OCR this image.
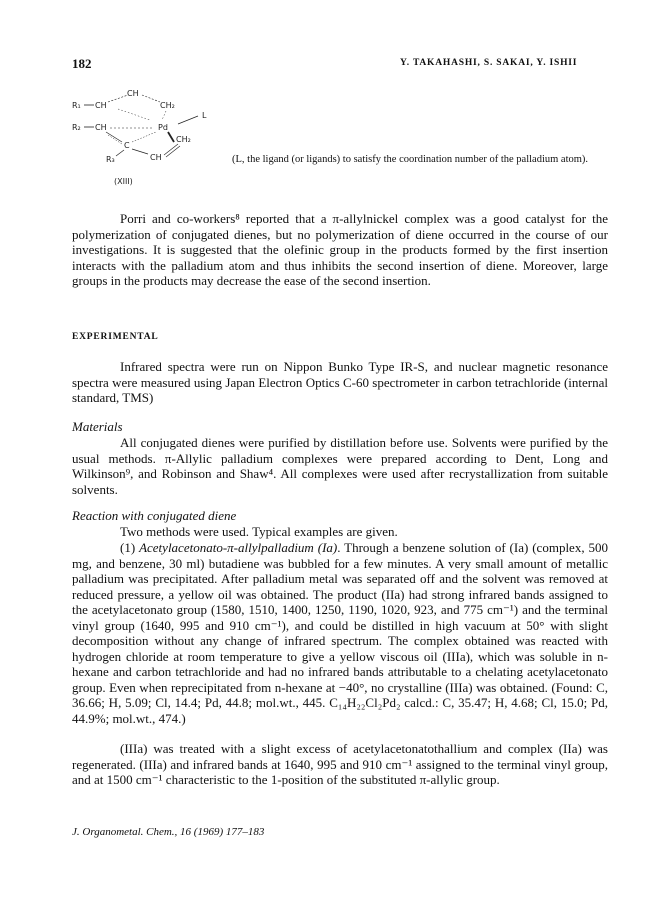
182	Y. TAKAHASHI, S. SAKAI, Y. ISHII
R₁ CH
CH
CH₂
L
R₂ CH	Pd
C
CH₂
R₃	CH
(XIII)
(L, the ligand (or ligands) to satisfy the coordination number of the palladium atom).

Porri and co-workers⁸ reported that a π-allylnickel complex was a good catalyst for the polymerization of conjugated dienes, but no polymerization of diene occurred in the course of our investigations. It is suggested that the olefinic group in the products formed by the first insertion interacts with the palladium atom and thus inhibits the second insertion of diene. Moreover, large groups in the products may decrease the ease of the second insertion.

EXPERIMENTAL

Infrared spectra were run on Nippon Bunko Type IR-S, and nuclear magnetic resonance spectra were measured using Japan Electron Optics C-60 spectrometer in carbon tetrachloride (internal standard, TMS)

Materials

All conjugated dienes were purified by distillation before use. Solvents were purified by the usual methods. π-Allylic palladium complexes were prepared according to Dent, Long and Wilkinson⁹, and Robinson and Shaw⁴. All complexes were used after recrystallization from suitable solvents.

Reaction with conjugated diene

Two methods were used. Typical examples are given.

(1) Acetylacetonato-π-allylpalladium (Ia). Through a benzene solution of (Ia) (complex, 500 mg, and benzene, 30 ml) butadiene was bubbled for a few minutes. A very small amount of metallic palladium was precipitated. After palladium metal was separated off and the solvent was removed at reduced pressure, a yellow oil was obtained. The product (IIa) had strong infrared bands assigned to the acetylacetonato group (1580, 1510, 1400, 1250, 1190, 1020, 923, and 775 cm⁻¹) and the terminal vinyl group (1640, 995 and 910 cm⁻¹), and could be distilled in high vacuum at 50° with slight decomposition without any change of infrared spectrum. The complex obtained was reacted with hydrogen chloride at room temperature to give a yellow viscous oil (IIIa), which was soluble in n-hexane and carbon tetrachloride and had no infrared bands attributable to a chelating acetylacetonato group. Even when reprecipitated from n-hexane at −40°, no crystalline (IIIa) was obtained. (Found: C, 36.66; H, 5.09; Cl, 14.4; Pd, 44.8; mol.wt., 445. C₁₄H₂₂Cl₂Pd₂ calcd.: C, 35.47; H, 4.68; Cl, 15.0; Pd, 44.9%; mol.wt., 474.)

(IIIa) was treated with a slight excess of acetylacetonatothallium and complex (IIa) was regenerated. (IIIa) and infrared bands at 1640, 995 and 910 cm⁻¹ assigned to the terminal vinyl group, and at 1500 cm⁻¹ characteristic to the 1-position of the substituted π-allylic group.

J. Organometal. Chem., 16 (1969) 177–183
